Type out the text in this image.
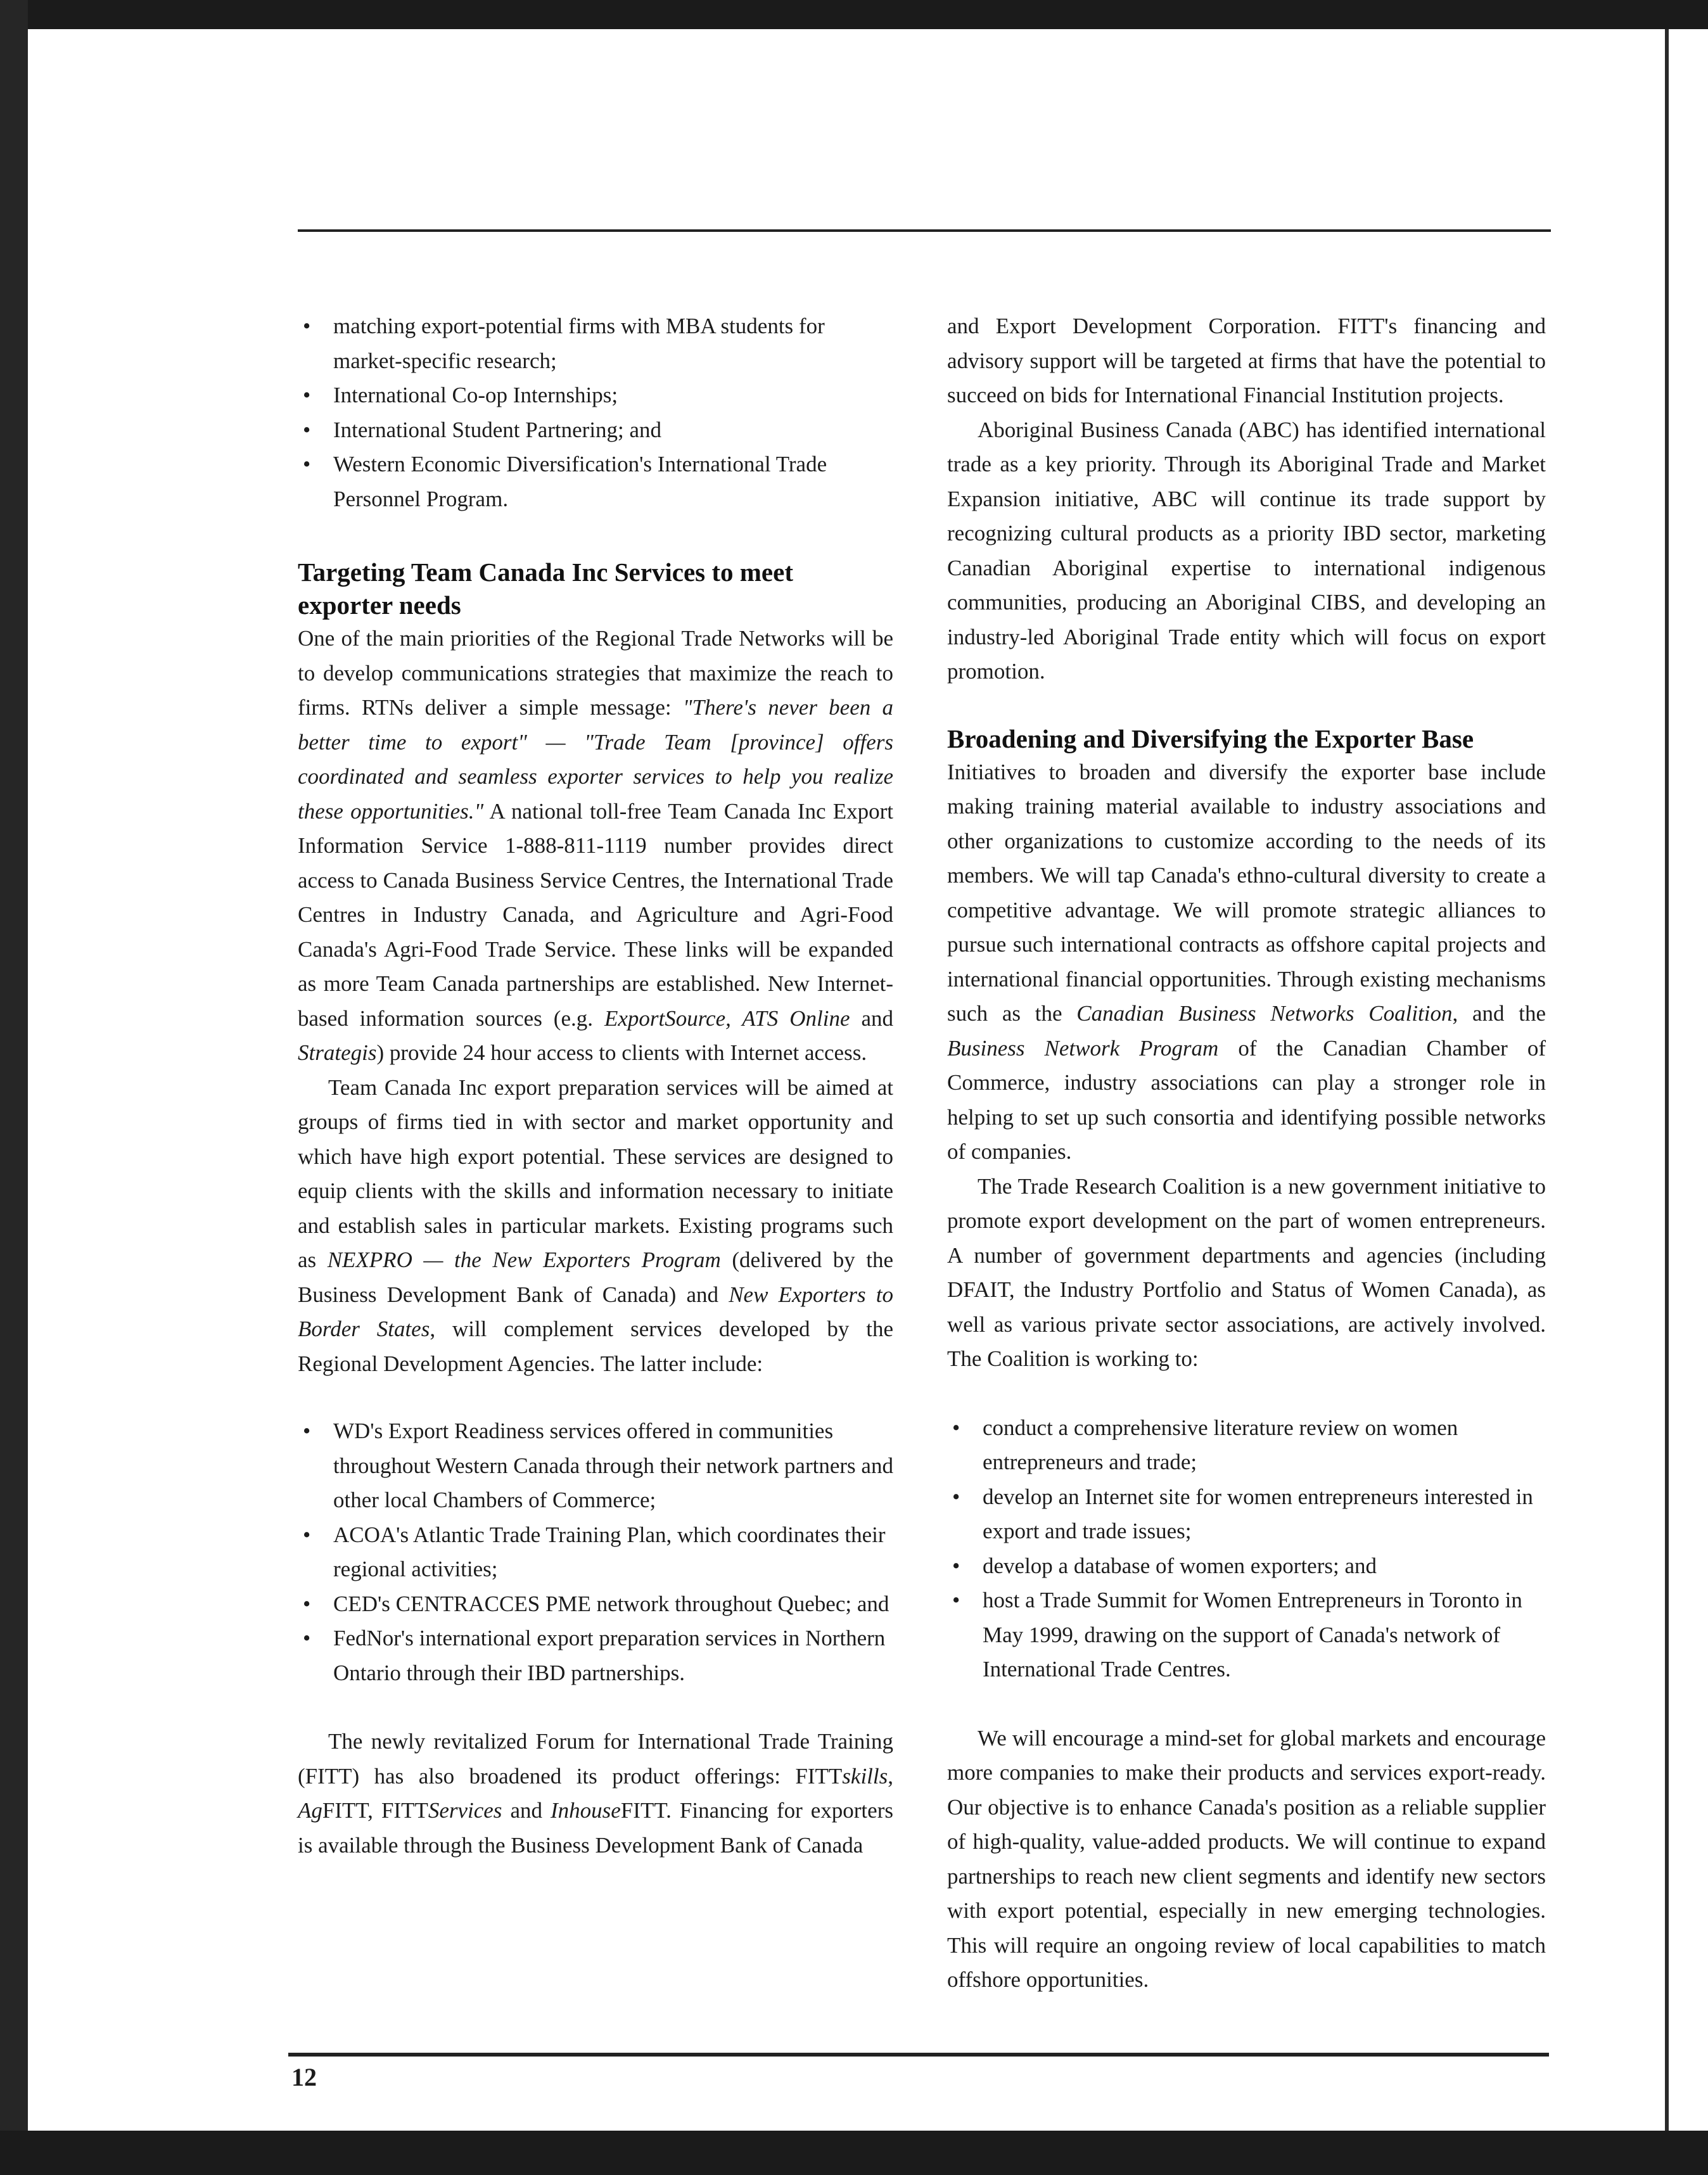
• matching export-potential firms with MBA students for market-specific research;
• International Co-op Internships;
• International Student Partnering; and
• Western Economic Diversification's International Trade Personnel Program.
Targeting Team Canada Inc Services to meet exporter needs

One of the main priorities of the Regional Trade Networks will be to develop communications strategies that maximize the reach to firms. RTNs deliver a simple message: "There's never been a better time to export" — "Trade Team [province] offers coordinated and seamless exporter services to help you realize these opportunities." A national toll-free Team Canada Inc Export Information Service 1-888-811-1119 number provides direct access to Canada Business Service Centres, the International Trade Centres in Industry Canada, and Agriculture and Agri-Food Canada's Agri-Food Trade Service. These links will be expanded as more Team Canada partnerships are established. New Internet-based information sources (e.g. ExportSource, ATS Online and Strategis) provide 24 hour access to clients with Internet access.

Team Canada Inc export preparation services will be aimed at groups of firms tied in with sector and market opportunity and which have high export potential. These services are designed to equip clients with the skills and information necessary to initiate and establish sales in particular markets. Existing programs such as NEXPRO — the New Exporters Program (delivered by the Business Development Bank of Canada) and New Exporters to Border States, will complement services developed by the Regional Development Agencies. The latter include:

• WD's Export Readiness services offered in communities throughout Western Canada through their network partners and other local Chambers of Commerce;
• ACOA's Atlantic Trade Training Plan, which coordinates their regional activities;
• CED's CENTRACCES PME network throughout Quebec; and
• FedNor's international export preparation services in Northern Ontario through their IBD partnerships.

The newly revitalized Forum for International Trade Training (FITT) has also broadened its product offerings: FITTskills, AgFITT, FITTServices and InhouseFITT. Financing for exporters is available through the Business Development Bank of Canada

and Export Development Corporation. FITT's financing and advisory support will be targeted at firms that have the potential to succeed on bids for International Financial Institution projects.

Aboriginal Business Canada (ABC) has identified international trade as a key priority. Through its Aboriginal Trade and Market Expansion initiative, ABC will continue its trade support by recognizing cultural products as a priority IBD sector, marketing Canadian Aboriginal expertise to international indigenous communities, producing an Aboriginal CIBS, and developing an industry-led Aboriginal Trade entity which will focus on export promotion.

Broadening and Diversifying the Exporter Base

Initiatives to broaden and diversify the exporter base include making training material available to industry associations and other organizations to customize according to the needs of its members. We will tap Canada's ethno-cultural diversity to create a competitive advantage. We will promote strategic alliances to pursue such international contracts as offshore capital projects and international financial opportunities. Through existing mechanisms such as the Canadian Business Networks Coalition, and the Business Network Program of the Canadian Chamber of Commerce, industry associations can play a stronger role in helping to set up such consortia and identifying possible networks of companies.

The Trade Research Coalition is a new government initiative to promote export development on the part of women entrepreneurs. A number of government departments and agencies (including DFAIT, the Industry Portfolio and Status of Women Canada), as well as various private sector associations, are actively involved. The Coalition is working to:

• conduct a comprehensive literature review on women entrepreneurs and trade;
• develop an Internet site for women entrepreneurs interested in export and trade issues;
• develop a database of women exporters; and
• host a Trade Summit for Women Entrepreneurs in Toronto in May 1999, drawing on the support of Canada's network of International Trade Centres.

We will encourage a mind-set for global markets and encourage more companies to make their products and services export-ready. Our objective is to enhance Canada's position as a reliable supplier of high-quality, value-added products. We will continue to expand partnerships to reach new client segments and identify new sectors with export potential, especially in new emerging technologies. This will require an ongoing review of local capabilities to match offshore opportunities.

12
